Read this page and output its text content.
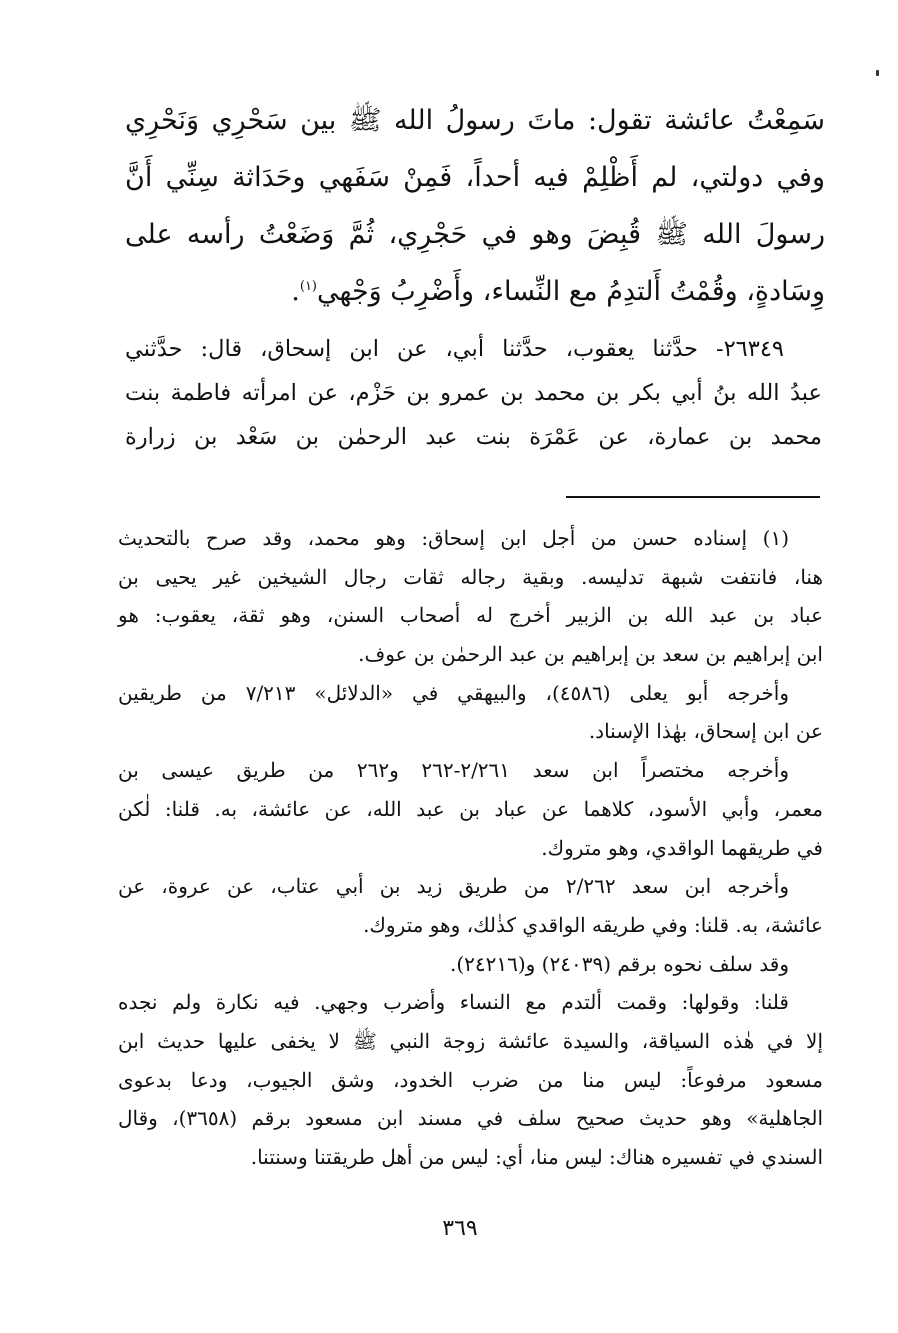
سَمِعْتُ عائشة تقول: ماتَ رسولُ الله ﷺ بين سَحْرِي وَنَحْرِي
وفي دولتي، لم أَظْلِمْ فيه أحداً، فَمِنْ سَفَهي وحَدَاثة سِنِّي أَنَّ
رسولَ الله ﷺ قُبِضَ وهو في حَجْرِي، ثُمَّ وَضَعْتُ رأسه على
وِسَادةٍ، وقُمْتُ أَلتدِمُ مع النِّساء، وأَضْرِبُ وَجْهي$^{(١)}$.
٢٦٣٤٩- حدَّثنا يعقوب، حدَّثنا أبي، عن ابن إسحاق، قال: حدَّثني
عبدُ الله بنُ أبي بكر بن محمد بن عمرو بن حَزْم، عن امرأته فاطمة بنت
محمد بن عمارة، عن عَمْرَة بنت عبد الرحمٰن بن سَعْد بن زرارة
(١) إسناده حسن من أجل ابن إسحاق: وهو محمد، وقد صرح بالتحديث
هنا، فانتفت شبهة تدليسه. وبقية رجاله ثقات رجال الشيخين غير يحيى بن
عباد بن عبد الله بن الزبير أخرج له أصحاب السنن، وهو ثقة، يعقوب: هو
ابن إبراهيم بن سعد بن إبراهيم بن عبد الرحمٰن بن عوف.
وأخرجه أبو يعلى (٤٥٨٦)، والبيهقي في «الدلائل» ٧/٢١٣ من طريقين
عن ابن إسحاق، بهٰذا الإسناد.
وأخرجه مختصراً ابن سعد ٢/٢٦١-٢٦٢ و٢٦٢ من طريق عيسى بن
معمر، وأبي الأسود، كلاهما عن عباد بن عبد الله، عن عائشة، به. قلنا: لٰكن
في طريقهما الواقدي، وهو متروك.
وأخرجه ابن سعد ٢/٢٦٢ من طريق زيد بن أبي عتاب، عن عروة، عن
عائشة، به. قلنا: وفي طريقه الواقدي كذٰلك، وهو متروك.
وقد سلف نحوه برقم (٢٤٠٣٩) و(٢٤٢١٦).
قلنا: وقولها: وقمت ألتدم مع النساء وأضرب وجهي. فيه نكارة ولم نجده
إلا في هٰذه السياقة، والسيدة عائشة زوجة النبي ﷺ لا يخفى عليها حديث ابن
مسعود مرفوعاً: ليس منا من ضرب الخدود، وشق الجيوب، ودعا بدعوى
الجاهلية» وهو حديث صحيح سلف في مسند ابن مسعود برقم (٣٦٥٨)، وقال
السندي في تفسيره هناك: ليس منا، أي: ليس من أهل طريقتنا وسنتنا.
٣٦٩
